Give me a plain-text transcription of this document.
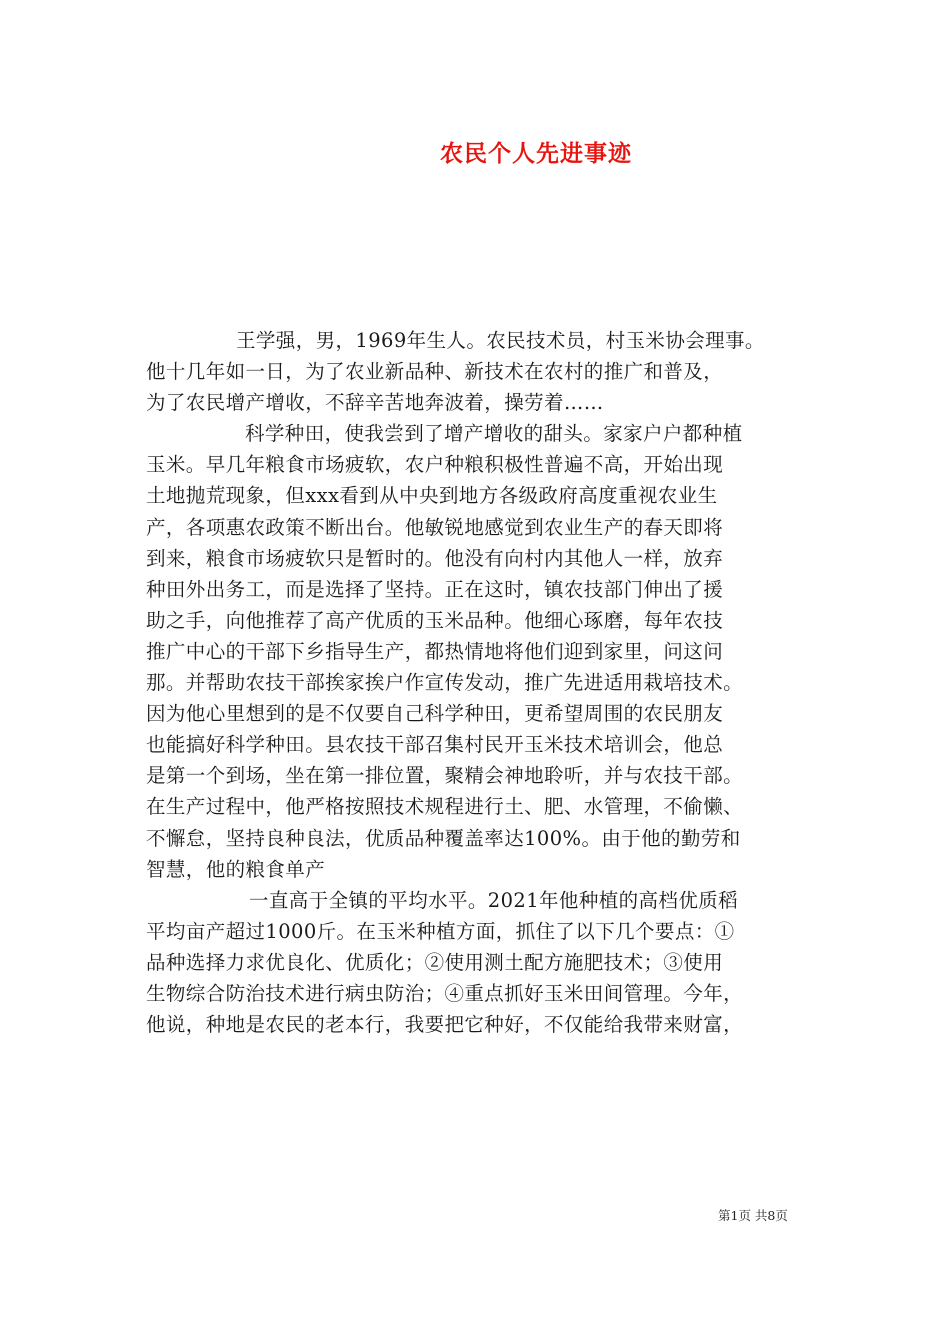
农民个人先进事迹
王学强，男，1969年生人。农民技术员，村玉米协会理事。
他十几年如一日，为了农业新品种、新技术在农村的推广和普及，
为了农民增产增收，不辞辛苦地奔波着，操劳着……
科学种田，使我尝到了增产增收的甜头。家家户户都种植
玉米。早几年粮食市场疲软，农户种粮积极性普遍不高，开始出现
土地抛荒现象，但xxx看到从中央到地方各级政府高度重视农业生
产，各项惠农政策不断出台。他敏锐地感觉到农业生产的春天即将
到来，粮食市场疲软只是暂时的。他没有向村内其他人一样，放弃
种田外出务工，而是选择了坚持。正在这时，镇农技部门伸出了援
助之手，向他推荐了高产优质的玉米品种。他细心琢磨，每年农技
推广中心的干部下乡指导生产，都热情地将他们迎到家里，问这问
那。并帮助农技干部挨家挨户作宣传发动，推广先进适用栽培技术。
因为他心里想到的是不仅要自己科学种田，更希望周围的农民朋友
也能搞好科学种田。县农技干部召集村民开玉米技术培训会，他总
是第一个到场，坐在第一排位置，聚精会神地聆听，并与农技干部。
在生产过程中，他严格按照技术规程进行土、肥、水管理，不偷懒、
不懈怠，坚持良种良法，优质品种覆盖率达100%。由于他的勤劳和
智慧，他的粮食单产
一直高于全镇的平均水平。2021年他种植的高档优质稻
平均亩产超过1000斤。在玉米种植方面，抓住了以下几个要点：①
品种选择力求优良化、优质化；②使用测土配方施肥技术；③使用
生物综合防治技术进行病虫防治；④重点抓好玉米田间管理。今年，
他说，种地是农民的老本行，我要把它种好，不仅能给我带来财富，
第1页 共8页
